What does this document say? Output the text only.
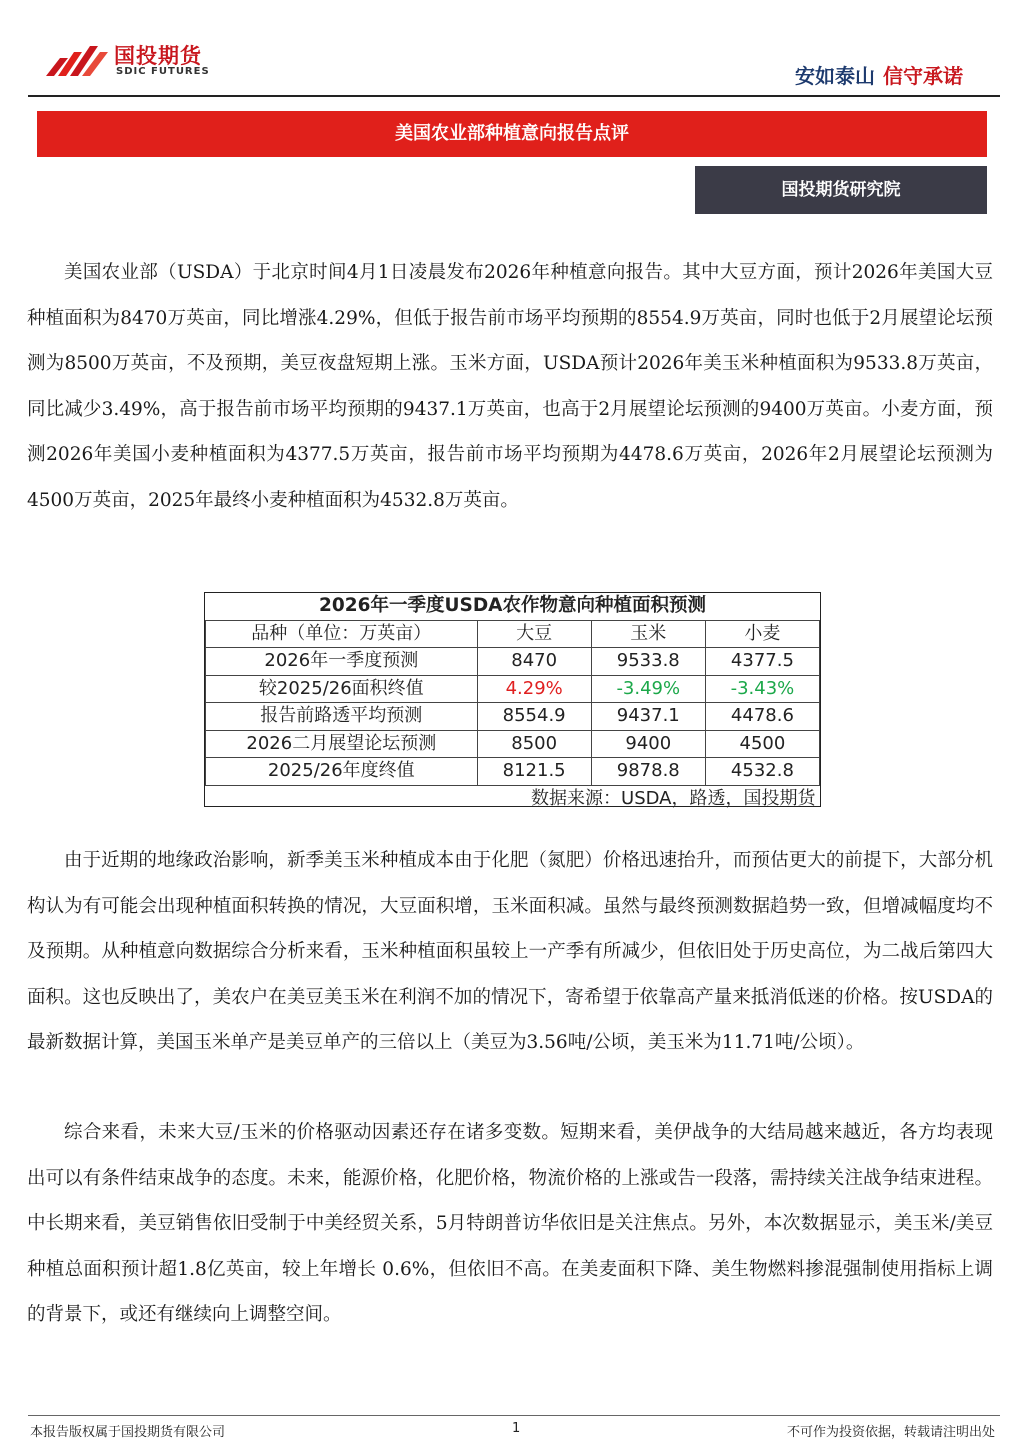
国投期货
SDIC FUTURES	安如泰山 信守承诺
美国农业部种植意向报告点评
国投期货研究院

美国农业部（USDA）于北京时间4月1日凌晨发布2026年种植意向报告。其中大豆方面，预计2026年美国大豆种植面积为8470万英亩，同比增涨4.29%，但低于报告前市场平均预期的8554.9万英亩，同时也低于2月展望论坛预测为8500万英亩，不及预期，美豆夜盘短期上涨。玉米方面，USDA预计2026年美玉米种植面积为9533.8万英亩，同比减少3.49%，高于报告前市场平均预期的9437.1万英亩，也高于2月展望论坛预测的9400万英亩。小麦方面，预测2026年美国小麦种植面积为4377.5万英亩，报告前市场平均预期为4478.6万英亩，2026年2月展望论坛预测为4500万英亩，2025年最终小麦种植面积为4532.8万英亩。

2026年一季度USDA农作物意向种植面积预测			
品种（单位：万英亩）	大豆	玉米	小麦
2026年一季度预测	8470	9533.8	4377.5
较2025/26面积终值	4.29%	-3.49%	-3.43%
报告前路透平均预测	8554.9	9437.1	4478.6
2026二月展望论坛预测	8500	9400	4500
2025/26年度终值	8121.5	9878.8	4532.8
数据来源：USDA，路透，国投期货			

由于近期的地缘政治影响，新季美玉米种植成本由于化肥（氮肥）价格迅速抬升，而预估更大的前提下，大部分机构认为有可能会出现种植面积转换的情况，大豆面积增，玉米面积减。虽然与最终预测数据趋势一致，但增减幅度均不及预期。从种植意向数据综合分析来看，玉米种植面积虽较上一产季有所减少，但依旧处于历史高位，为二战后第四大面积。这也反映出了，美农户在美豆美玉米在利润不加的情况下，寄希望于依靠高产量来抵消低迷的价格。按USDA的最新数据计算，美国玉米单产是美豆单产的三倍以上（美豆为3.56吨/公顷，美玉米为11.71吨/公顷）。

综合来看，未来大豆/玉米的价格驱动因素还存在诸多变数。短期来看，美伊战争的大结局越来越近，各方均表现出可以有条件结束战争的态度。未来，能源价格，化肥价格，物流价格的上涨或告一段落，需持续关注战争结束进程。中长期来看，美豆销售依旧受制于中美经贸关系，5月特朗普访华依旧是关注焦点。另外，本次数据显示，美玉米/美豆种植总面积预计超1.8亿英亩，较上年增长 0.6%，但依旧不高。在美麦面积下降、美生物燃料掺混强制使用指标上调的背景下，或还有继续向上调整空间。

本报告版权属于国投期货有限公司	1	不可作为投资依据，转载请注明出处
